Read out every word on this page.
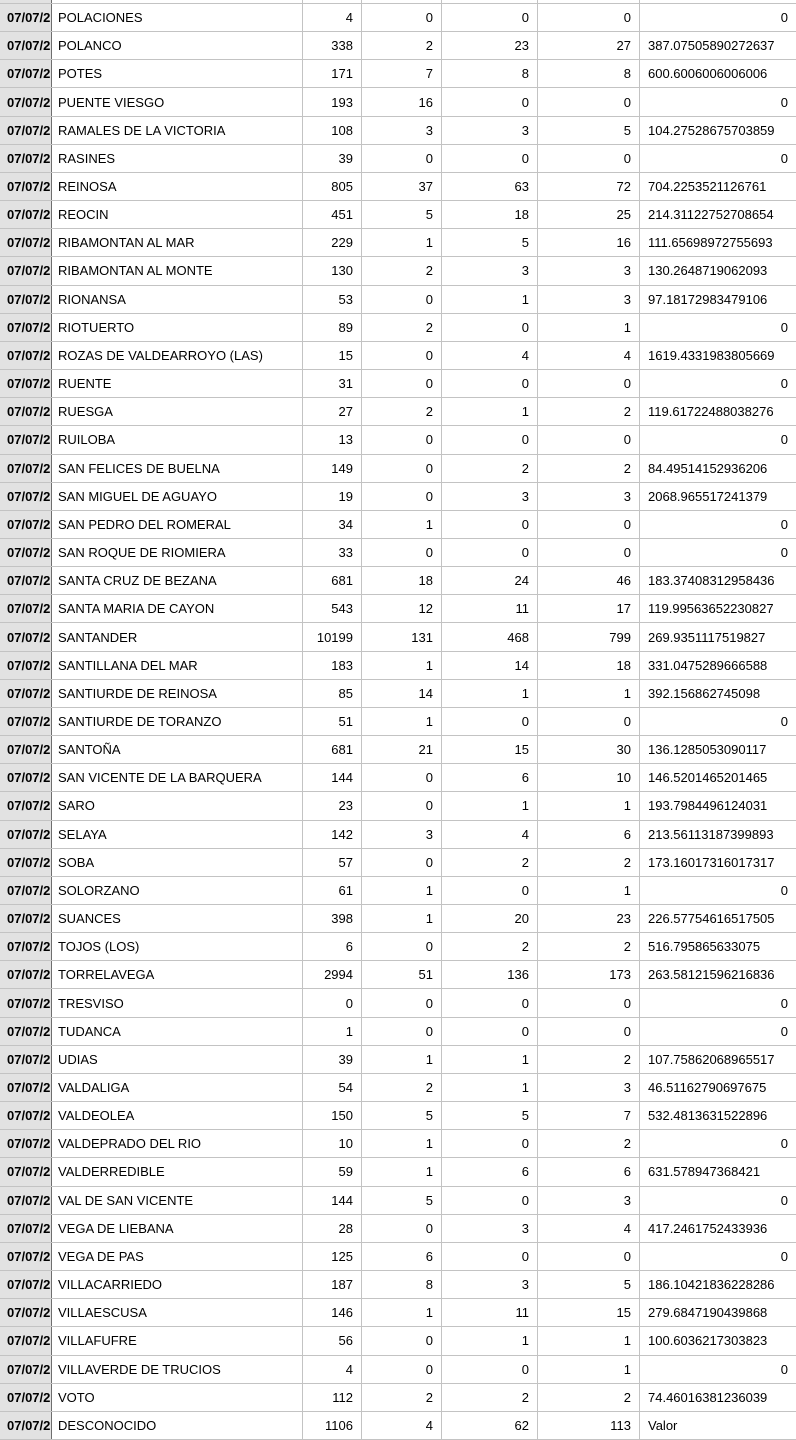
07/07/2 POLACIONES	4	0	0	0	0
07/07/2 POLANCO	338	2	23	27	387.07505890272637
07/07/2 POTES	171	7	8	8	600.6006006006006
07/07/2 PUENTE VIESGO	193	16	0	0	0
07/07/2 RAMALES DE LA VICTORIA	108	3	3	5	104.27528675703859
07/07/2 RASINES	39	0	0	0	0
07/07/2 REINOSA	805	37	63	72	704.2253521126761
07/07/2 REOCIN	451	5	18	25	214.31122752708654
07/07/2 RIBAMONTAN AL MAR	229	1	5	16	111.65698972755693
07/07/2 RIBAMONTAN AL MONTE	130	2	3	3	130.2648719062093
07/07/2 RIONANSA	53	0	1	3	97.18172983479106
07/07/2 RIOTUERTO	89	2	0	1	0
07/07/2 ROZAS DE VALDEARROYO (LAS)	15	0	4	4	1619.4331983805669
07/07/2 RUENTE	31	0	0	0	0
07/07/2 RUESGA	27	2	1	2	119.61722488038276
07/07/2 RUILOBA	13	0	0	0	0
07/07/2 SAN FELICES DE BUELNA	149	0	2	2	84.49514152936206
07/07/2 SAN MIGUEL DE AGUAYO	19	0	3	3	2068.965517241379
07/07/2 SAN PEDRO DEL ROMERAL	34	1	0	0	0
07/07/2 SAN ROQUE DE RIOMIERA	33	0	0	0	0
07/07/2 SANTA CRUZ DE BEZANA	681	18	24	46	183.37408312958436
07/07/2 SANTA MARIA DE CAYON	543	12	11	17	119.99563652230827
07/07/2 SANTANDER	10199	131	468	799	269.9351117519827
07/07/2 SANTILLANA DEL MAR	183	1	14	18	331.0475289666588
07/07/2 SANTIURDE DE REINOSA	85	14	1	1	392.156862745098
07/07/2 SANTIURDE DE TORANZO	51	1	0	0	0
07/07/2 SANTOÑA	681	21	15	30	136.1285053090117
07/07/2 SAN VICENTE DE LA BARQUERA	144	0	6	10	146.5201465201465
07/07/2 SARO	23	0	1	1	193.7984496124031
07/07/2 SELAYA	142	3	4	6	213.56113187399893
07/07/2 SOBA	57	0	2	2	173.16017316017317
07/07/2 SOLORZANO	61	1	0	1	0
07/07/2 SUANCES	398	1	20	23	226.57754616517505
07/07/2 TOJOS (LOS)	6	0	2	2	516.795865633075
07/07/2 TORRELAVEGA	2994	51	136	173	263.58121596216836
07/07/2 TRESVISO	0	0	0	0	0
07/07/2 TUDANCA	1	0	0	0	0
07/07/2 UDIAS	39	1	1	2	107.75862068965517
07/07/2 VALDALIGA	54	2	1	3	46.51162790697675
07/07/2 VALDEOLEA	150	5	5	7	532.4813631522896
07/07/2 VALDEPRADO DEL RIO	10	1	0	2	0
07/07/2 VALDERREDIBLE	59	1	6	6	631.578947368421
07/07/2 VAL DE SAN VICENTE	144	5	0	3	0
07/07/2 VEGA DE LIEBANA	28	0	3	4	417.2461752433936
07/07/2 VEGA DE PAS	125	6	0	0	0
07/07/2 VILLACARRIEDO	187	8	3	5	186.10421836228286
07/07/2 VILLAESCUSA	146	1	11	15	279.6847190439868
07/07/2 VILLAFUFRE	56	0	1	1	100.6036217303823
07/07/2 VILLAVERDE DE TRUCIOS	4	0	0	1	0
07/07/2 VOTO	112	2	2	2	74.46016381236039
07/07/2 DESCONOCIDO	1106	4	62	113	Valor
